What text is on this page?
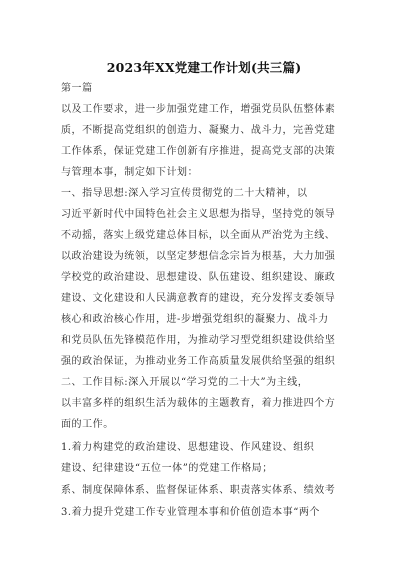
2023年XX党建工作计划(共三篇)
第一篇
以及工作要求，进一步加强党建工作，增强党员队伍整体素
质，不断提高党组织的创造力、凝聚力、战斗力，完善党建
工作体系，保证党建工作创新有序推进，提高党支部的决策
与管理本事，制定如下计划：
一、指导思想:深入学习宣传贯彻党的二十大精神，以
习近平新时代中国特色社会主义思想为指导，坚持党的领导
不动摇，落实上级党建总体目标，以全面从严治党为主线、
以政治建设为统领，以坚定梦想信念宗旨为根基，大力加强
学校党的政治建设、思想建设、队伍建设、组织建设、廉政
建设、文化建设和人民满意教育的建设，充分发挥支委领导
核心和政治核心作用，进-步增强党组织的凝聚力、战斗力
和党员队伍先锋模范作用，为推动学习型党组织建设供给坚
强的政治保证，为推动业务工作高质量发展供给坚强的组织
二、工作目标:深入开展以“学习党的二十大”为主线，
以丰富多样的组织生活为载体的主题教育，着力推进四个方
面的工作。
1.着力构建党的政治建设、思想建设、作风建设、组织
建设、纪律建设“五位一体”的党建工作格局；
系、制度保障体系、监督保证体系、职责落实体系、绩效考
3.着力提升党建工作专业管理本事和价值创造本事“两个
